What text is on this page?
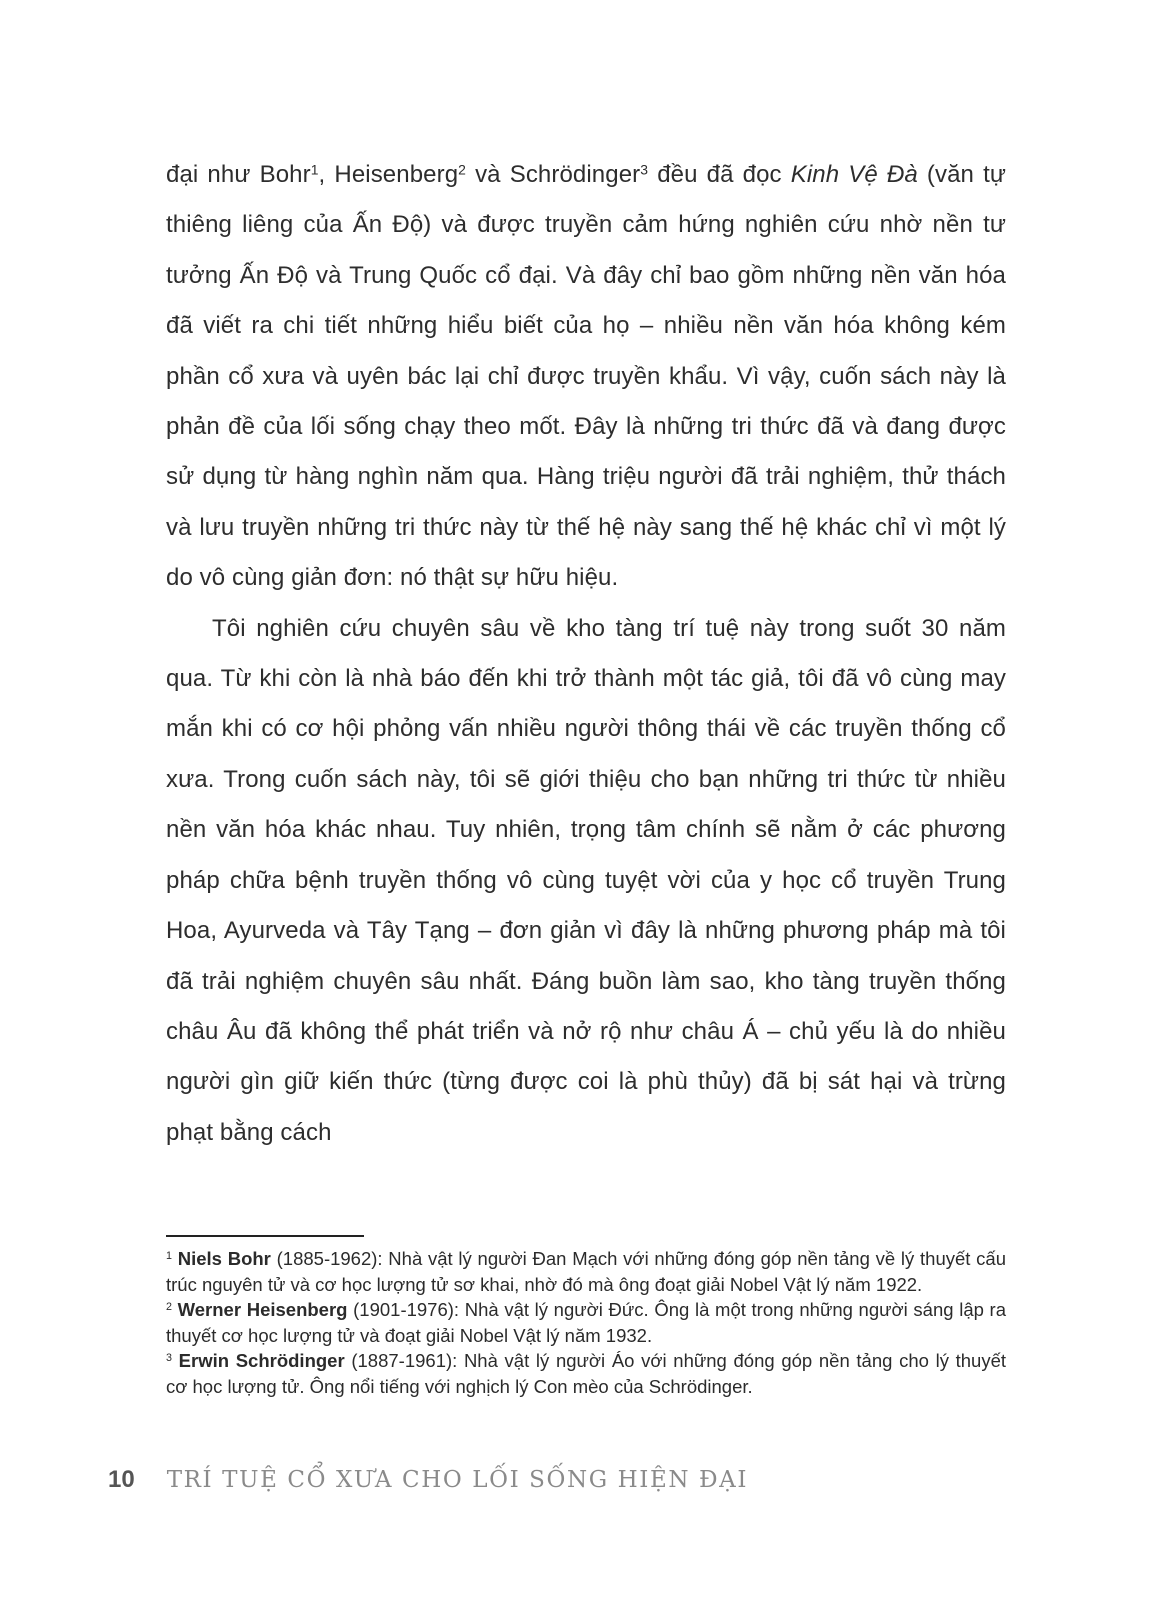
đại như Bohr$^1$, Heisenberg$^2$ và Schrödinger$^3$ đều đã đọc Kinh Vệ Đà (văn tự thiêng liêng của Ấn Độ) và được truyền cảm hứng nghiên cứu nhờ nền tư tưởng Ấn Độ và Trung Quốc cổ đại. Và đây chỉ bao gồm những nền văn hóa đã viết ra chi tiết những hiểu biết của họ – nhiều nền văn hóa không kém phần cổ xưa và uyên bác lại chỉ được truyền khẩu. Vì vậy, cuốn sách này là phản đề của lối sống chạy theo mốt. Đây là những tri thức đã và đang được sử dụng từ hàng nghìn năm qua. Hàng triệu người đã trải nghiệm, thử thách và lưu truyền những tri thức này từ thế hệ này sang thế hệ khác chỉ vì một lý do vô cùng giản đơn: nó thật sự hữu hiệu.

Tôi nghiên cứu chuyên sâu về kho tàng trí tuệ này trong suốt 30 năm qua. Từ khi còn là nhà báo đến khi trở thành một tác giả, tôi đã vô cùng may mắn khi có cơ hội phỏng vấn nhiều người thông thái về các truyền thống cổ xưa. Trong cuốn sách này, tôi sẽ giới thiệu cho bạn những tri thức từ nhiều nền văn hóa khác nhau. Tuy nhiên, trọng tâm chính sẽ nằm ở các phương pháp chữa bệnh truyền thống vô cùng tuyệt vời của y học cổ truyền Trung Hoa, Ayurveda và Tây Tạng – đơn giản vì đây là những phương pháp mà tôi đã trải nghiệm chuyên sâu nhất. Đáng buồn làm sao, kho tàng truyền thống châu Âu đã không thể phát triển và nở rộ như châu Á – chủ yếu là do nhiều người gìn giữ kiến thức (từng được coi là phù thủy) đã bị sát hại và trừng phạt bằng cách

$^1$ Niels Bohr (1885-1962): Nhà vật lý người Đan Mạch với những đóng góp nền tảng về lý thuyết cấu trúc nguyên tử và cơ học lượng tử sơ khai, nhờ đó mà ông đoạt giải Nobel Vật lý năm 1922.

$^2$ Werner Heisenberg (1901-1976): Nhà vật lý người Đức. Ông là một trong những người sáng lập ra thuyết cơ học lượng tử và đoạt giải Nobel Vật lý năm 1932.

$^3$ Erwin Schrödinger (1887-1961): Nhà vật lý người Áo với những đóng góp nền tảng cho lý thuyết cơ học lượng tử. Ông nổi tiếng với nghịch lý Con mèo của Schrödinger.

10 TRÍ TUỆ CỔ XƯA CHO LỐI SỐNG HIỆN ĐẠI
